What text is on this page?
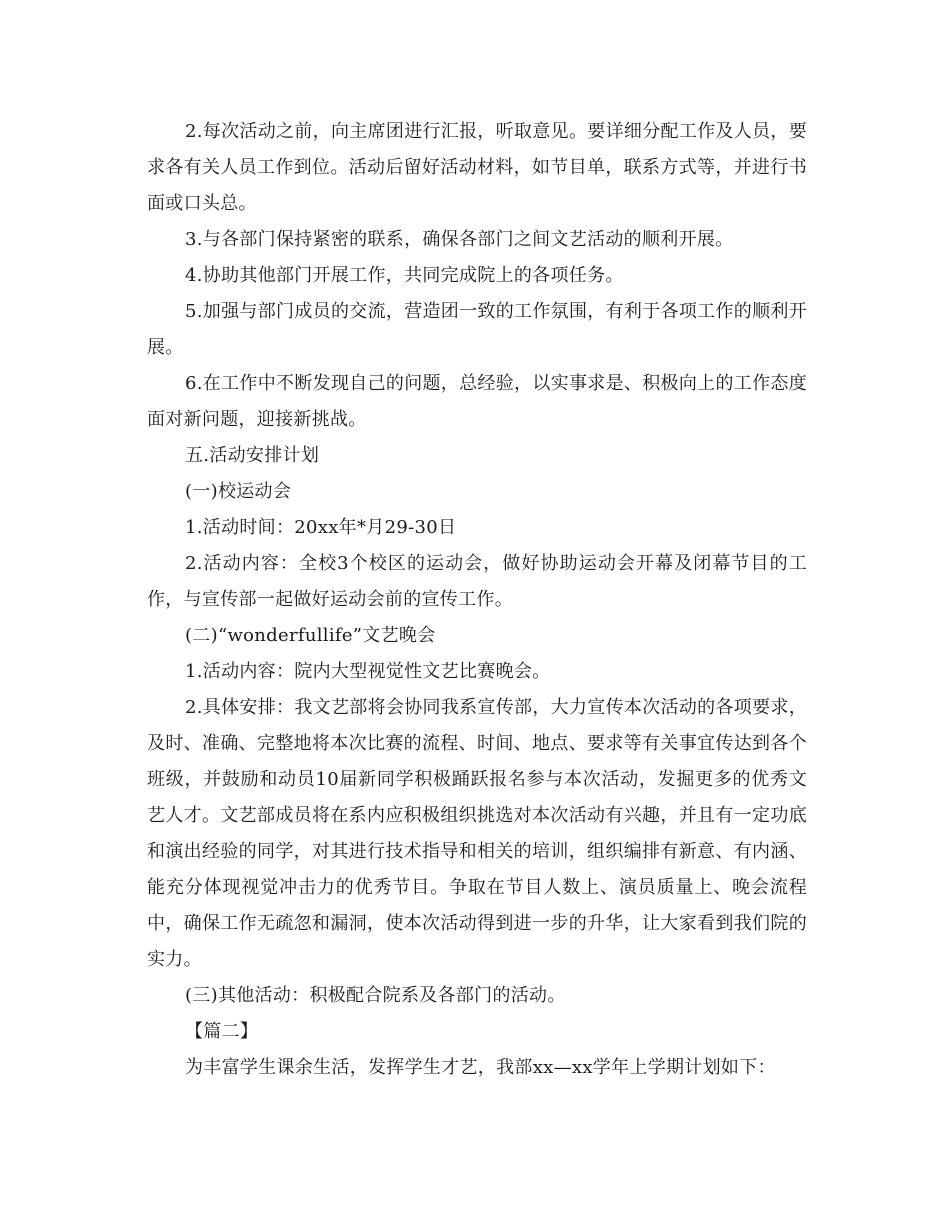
2.每次活动之前，向主席团进行汇报，听取意见。要详细分配工作及人员，要求各有关人员工作到位。活动后留好活动材料，如节目单，联系方式等，并进行书面或口头总。

3.与各部门保持紧密的联系，确保各部门之间文艺活动的顺利开展。

4.协助其他部门开展工作，共同完成院上的各项任务。

5.加强与部门成员的交流，营造团一致的工作氛围，有利于各项工作的顺利开展。

6.在工作中不断发现自己的问题，总经验，以实事求是、积极向上的工作态度面对新问题，迎接新挑战。

五.活动安排计划

(一)校运动会

1.活动时间：20xx年*月29-30日

2.活动内容：全校3个校区的运动会，做好协助运动会开幕及闭幕节目的工作，与宣传部一起做好运动会前的宣传工作。

(二)“wonderfullife”文艺晚会

1.活动内容：院内大型视觉性文艺比赛晚会。

2.具体安排：我文艺部将会协同我系宣传部，大力宣传本次活动的各项要求，及时、准确、完整地将本次比赛的流程、时间、地点、要求等有关事宜传达到各个班级，并鼓励和动员10届新同学积极踊跃报名参与本次活动，发掘更多的优秀文艺人才。文艺部成员将在系内应积极组织挑选对本次活动有兴趣，并且有一定功底和演出经验的同学，对其进行技术指导和相关的培训，组织编排有新意、有内涵、能充分体现视觉冲击力的优秀节目。争取在节目人数上、演员质量上、晚会流程中，确保工作无疏忽和漏洞，使本次活动得到进一步的升华，让大家看到我们院的实力。

(三)其他活动：积极配合院系及各部门的活动。

【篇二】

为丰富学生课余生活，发挥学生才艺，我部xx—xx学年上学期计划如下：
